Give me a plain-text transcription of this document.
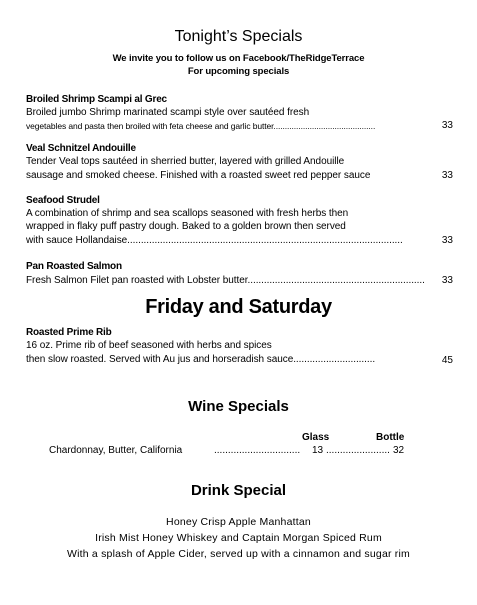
Tonight’s Specials
We invite you to follow us on Facebook/TheRidgeTerrace
For upcoming specials
Broiled Shrimp Scampi al Grec
Broiled jumbo Shrimp marinated scampi style over sautéed fresh
vegetables and pasta then broiled with feta cheese and garlic butter.............................................	33
Veal Schnitzel Andouille
Tender Veal tops sautéed in sherried butter, layered with grilled Andouille
sausage and smoked cheese. Finished with a roasted sweet red pepper sauce	33
Seafood Strudel
A combination of shrimp and sea scallops seasoned with fresh herbs then
wrapped in flaky puff pastry dough. Baked to a golden brown then served
with sauce Hollandaise.....................................................................................................	33
Pan Roasted Salmon
Fresh Salmon Filet pan roasted with Lobster butter.................................................................	33
Friday and Saturday
Roasted Prime Rib
16 oz. Prime rib of beef seasoned with herbs and spices
then slow roasted. Served with Au jus and horseradish sauce..............................	45
Wine Specials
Glass	Bottle
Chardonnay, Butter, California	............................... 13 ....................... 32
Drink Special
Honey Crisp Apple Manhattan
Irish Mist Honey Whiskey and Captain Morgan Spiced Rum
With a splash of Apple Cider, served up with a cinnamon and sugar rim
